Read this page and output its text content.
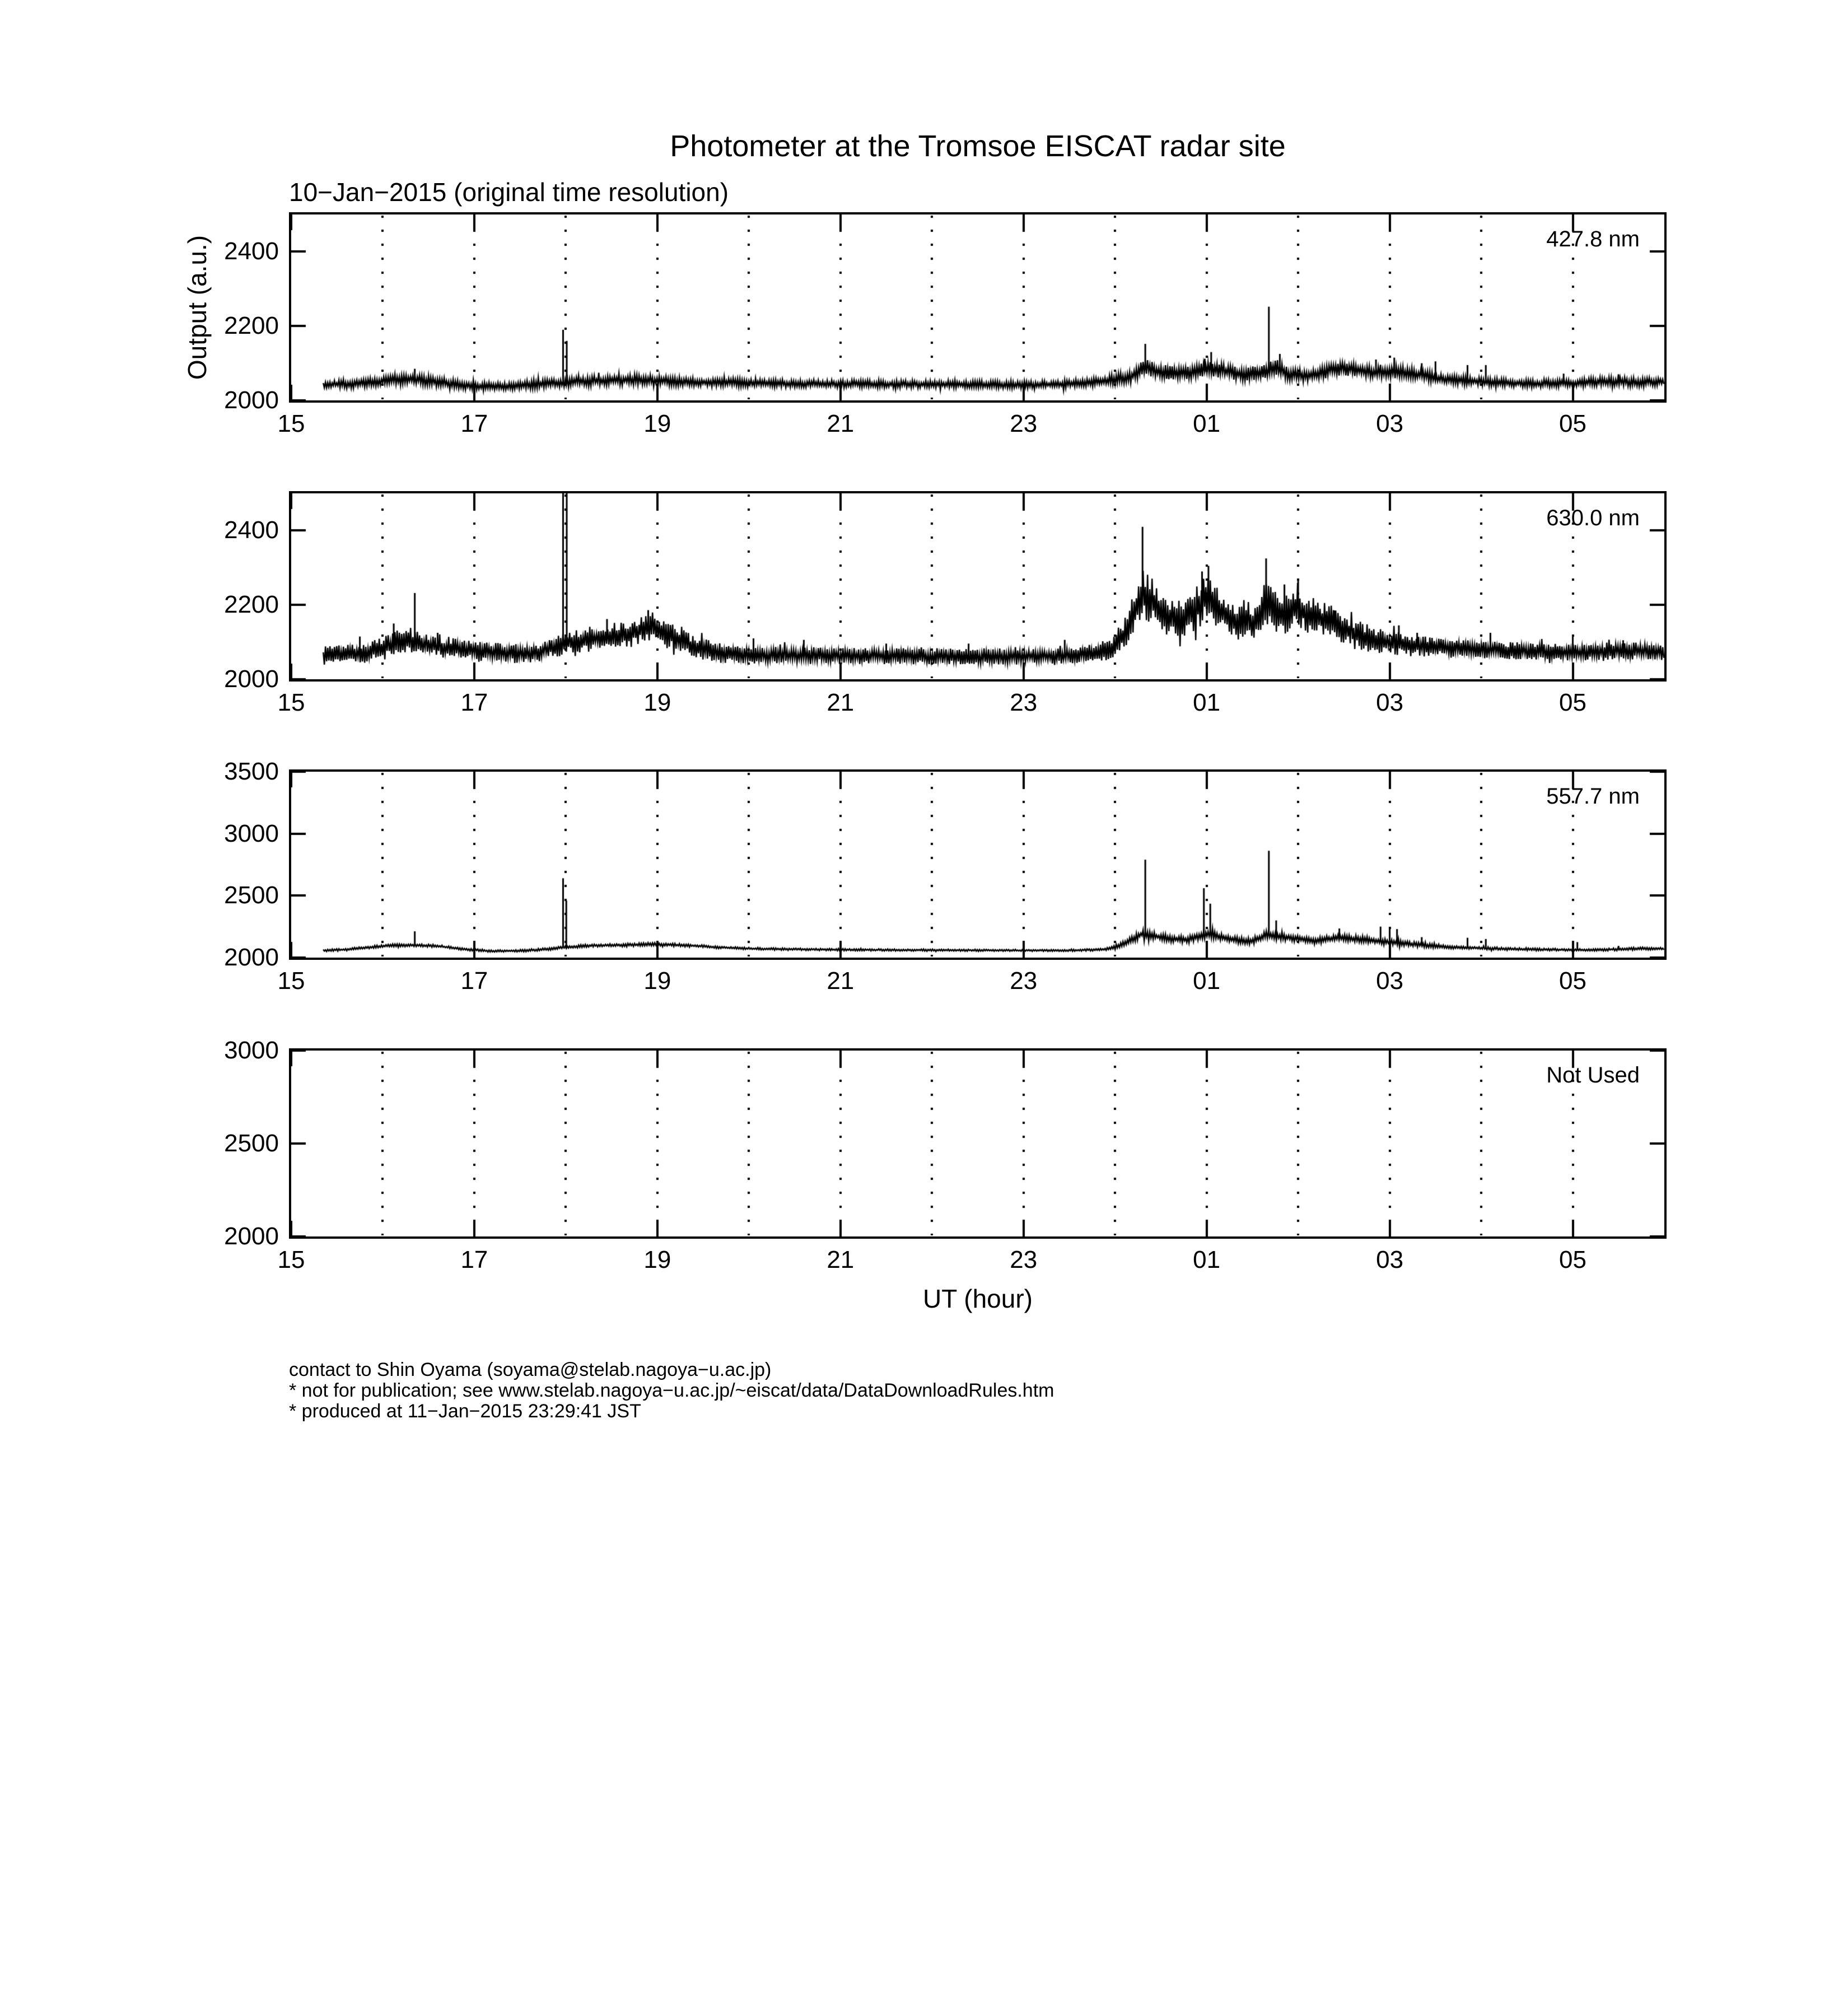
Photometer at the Tromsoe EISCAT radar site
10−Jan−2015 (original time resolution)
Output (a.u.)	427.8 nm
630.0 nm
557.7 nm
Not Used
UT (hour)
contact to Shin Oyama (soyama@stelab.nagoya−u.ac.jp)
* not for publication; see www.stelab.nagoya−u.ac.jp/~eiscat/data/DataDownloadRules.htm
* produced at 11−Jan−2015 23:29:41 JST
2000
2200
2400
15	17	19	21	23	01	03	05
2000
2200
2400
15	17	19	21	23	01	03	05
2000
2500
3000
3500
15	17	19	21	23	01	03	05
2000
2500
3000
15	17	19	21	23	01	03	05
